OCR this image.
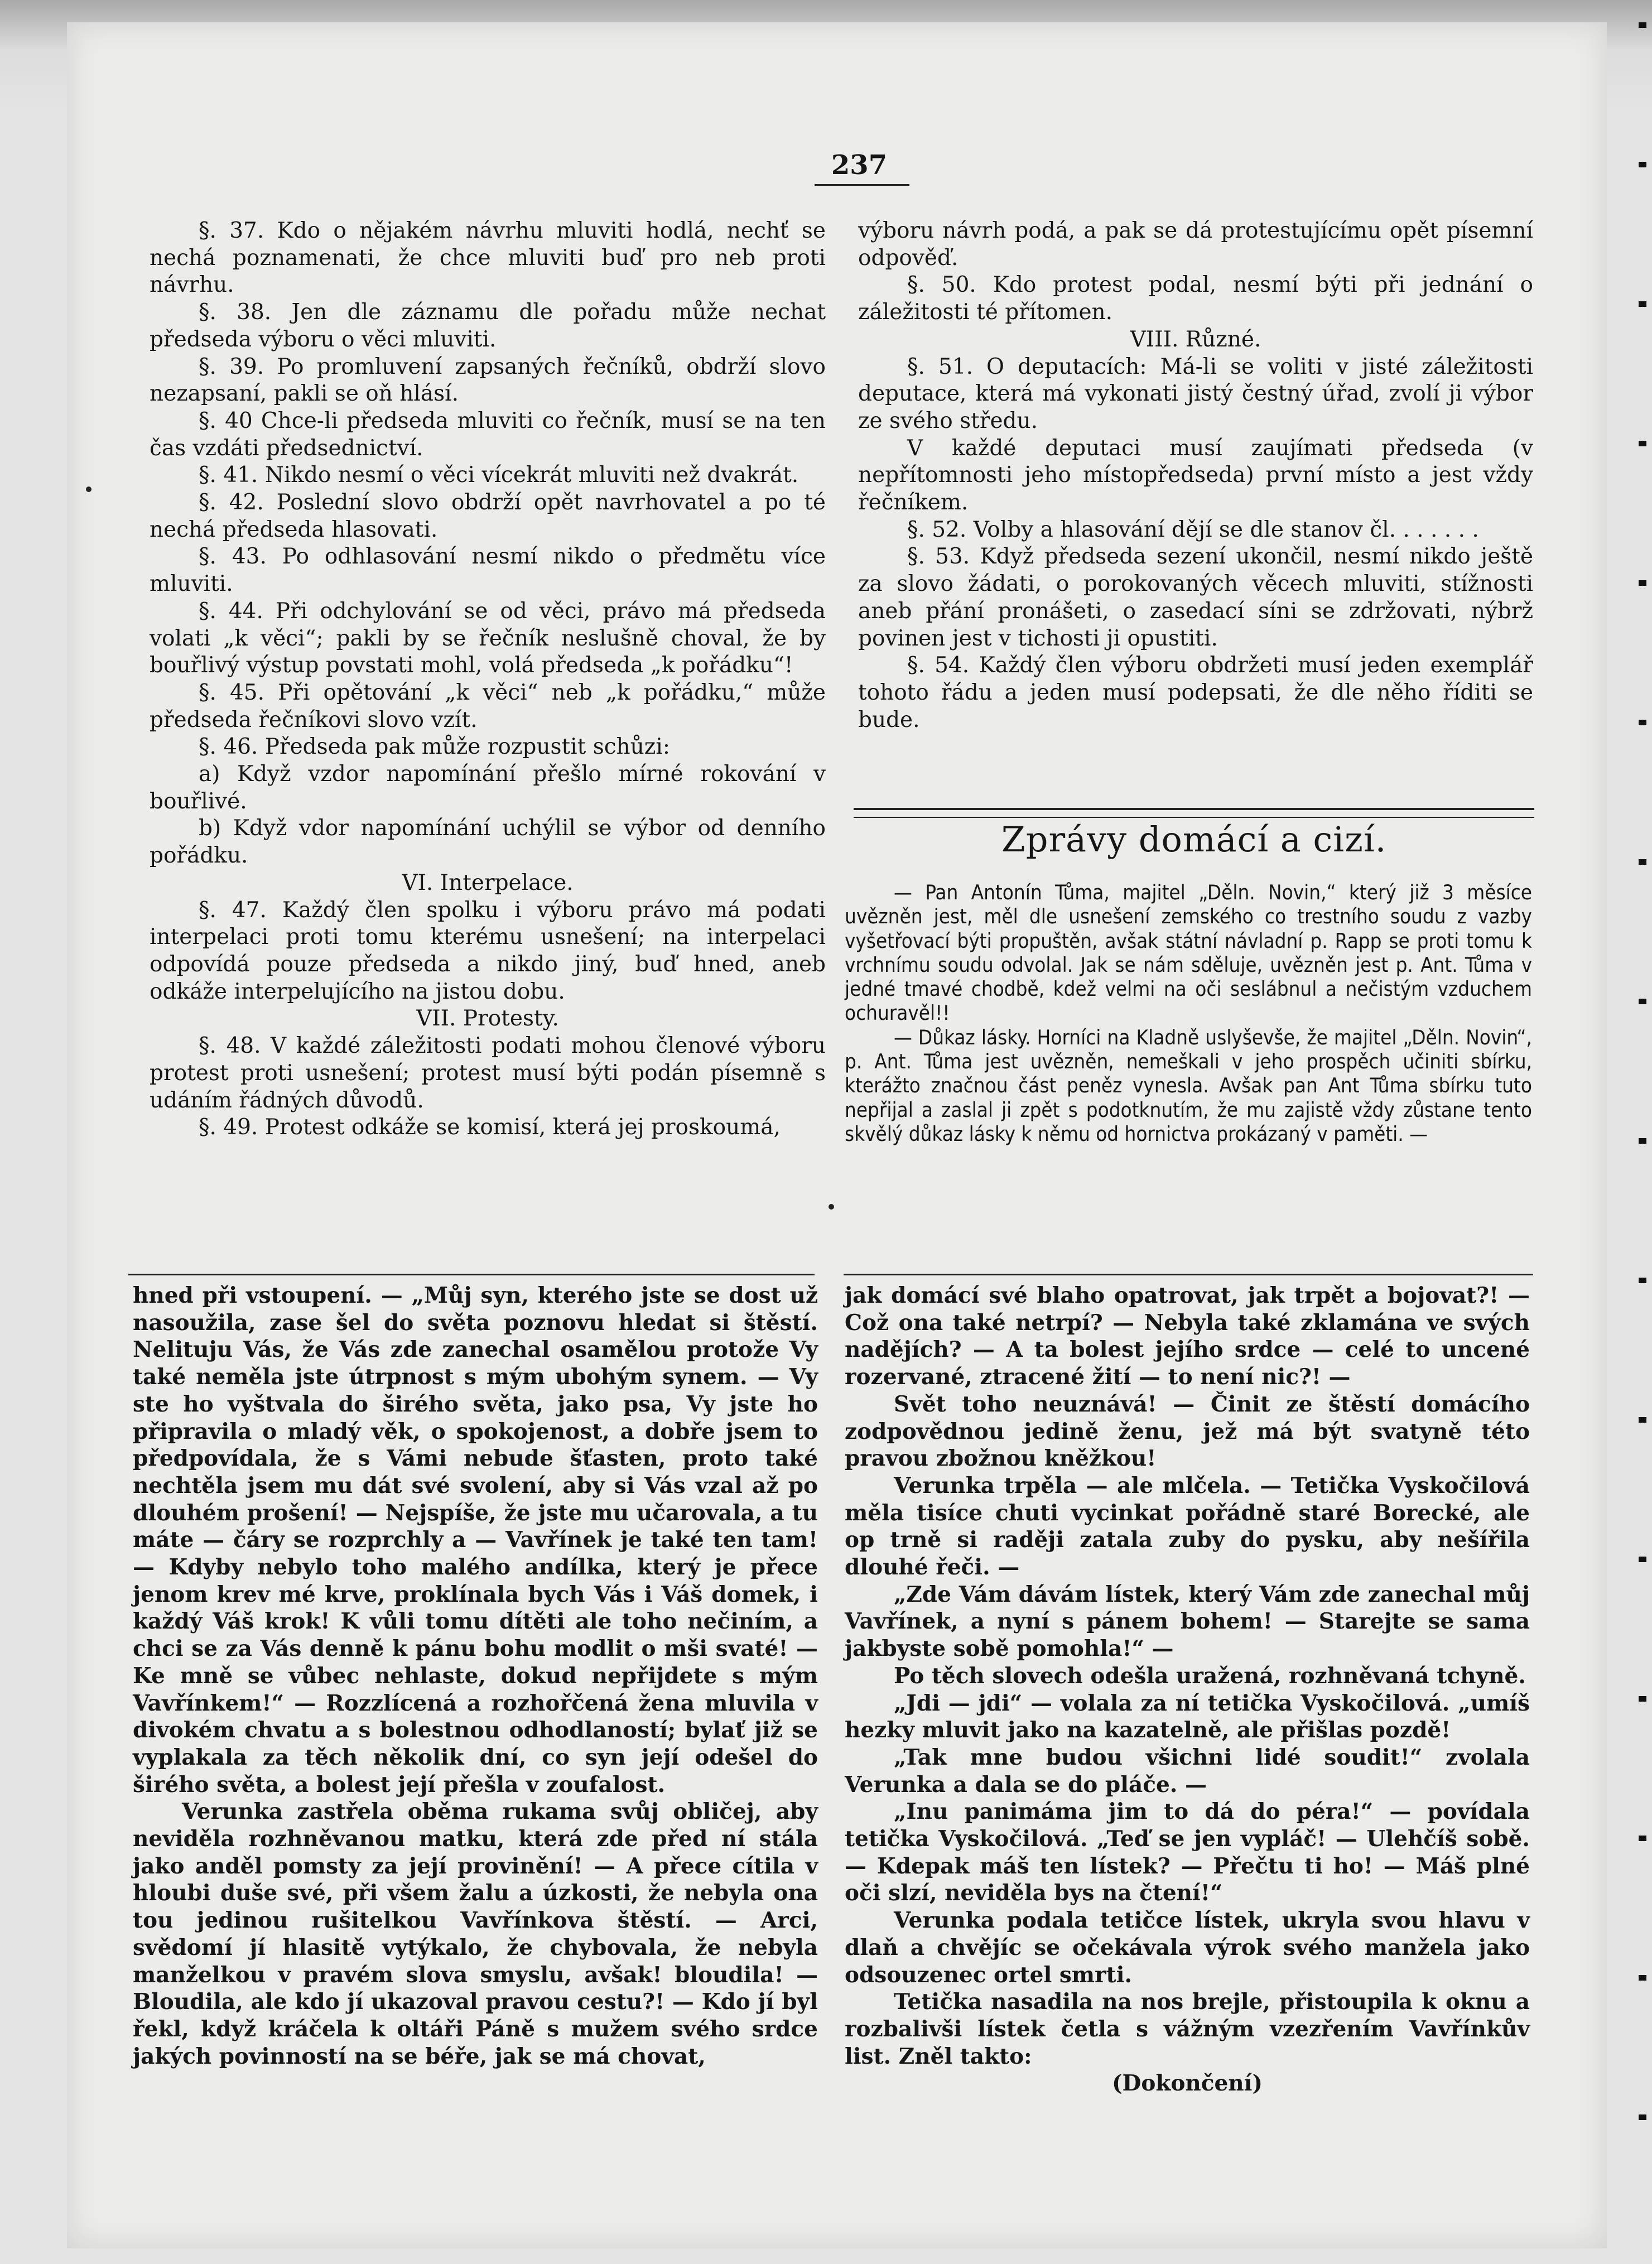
237

§. 37. Kdo o nějakém návrhu mluviti hodlá, nechť se nechá poznamenati, že chce mluviti buď pro neb proti návrhu.

§. 38. Jen dle záznamu dle pořadu může nechat předseda výboru o věci mluviti.

§. 39. Po promluvení zapsaných řečníků, obdrží slovo nezapsaní, pakli se oň hlásí.

§. 40 Chce-li předseda mluviti co řečník, musí se na ten čas vzdáti předsednictví.

§. 41. Nikdo nesmí o věci vícekrát mluviti než dvakrát.

§. 42. Poslední slovo obdrží opět navrhovatel a po té nechá předseda hlasovati.

§. 43. Po odhlasování nesmí nikdo o předmětu více mluviti.

§. 44. Při odchylování se od věci, právo má předseda volati „k věci“; pakli by se řečník neslušně choval, že by bouřlivý výstup povstati mohl, volá předseda „k pořádku“!

§. 45. Při opětování „k věci“ neb „k pořádku,“ může předseda řečníkovi slovo vzít.

§. 46. Předseda pak může rozpustit schůzi:

a) Když vzdor napomínání přešlo mírné rokování v bouřlivé.

b) Když vdor napomínání uchýlil se výbor od denního pořádku.

VI. Interpelace.

§. 47. Každý člen spolku i výboru právo má podati interpelaci proti tomu kterému usnešení; na interpelaci odpovídá pouze předseda a nikdo jiný, buď hned, aneb odkáže interpelujícího na jistou dobu.

VII. Protesty.

§. 48. V každé záležitosti podati mohou členové výboru protest proti usnešení; protest musí býti podán písemně s udáním řádných důvodů.

§. 49. Protest odkáže se komisí, která jej proskoumá,

výboru návrh podá, a pak se dá protestujícímu opět písemní odpověď.

§. 50. Kdo protest podal, nesmí býti při jednání o záležitosti té přítomen.

VIII. Různé.

§. 51. O deputacích: Má-li se voliti v jisté záležitosti deputace, která má vykonati jistý čestný úřad, zvolí ji výbor ze svého středu.

V každé deputaci musí zaujímati předseda (v nepřítomnosti jeho místopředseda) první místo a jest vždy řečníkem.

§. 52. Volby a hlasování dějí se dle stanov čl. . . . . . .

§. 53. Když předseda sezení ukončil, nesmí nikdo ještě za slovo žádati, o porokovaných věcech mluviti, stížnosti aneb přání pronášeti, o zasedací síni se zdržovati, nýbrž povinen jest v tichosti ji opustiti.

§. 54. Každý člen výboru obdržeti musí jeden exemplář tohoto řádu a jeden musí podepsati, že dle něho říditi se bude.

Zprávy domácí a cizí.

— Pan Antonín Tůma, majitel „Děln. Novin,“ který již 3 měsíce uvězněn jest, měl dle usnešení zemského co trestního soudu z vazby vyšetřovací býti propuštěn, avšak státní návladní p. Rapp se proti tomu k vrchnímu soudu odvolal. Jak se nám sděluje, uvězněn jest p. Ant. Tůma v jedné tmavé chodbě, kdež velmi na oči seslábnul a nečistým vzduchem ochuravěl!!

— Důkaz lásky. Horníci na Kladně uslyševše, že majitel „Děln. Novin“, p. Ant. Tůma jest uvězněn, nemeškali v jeho prospěch učiniti sbírku, kterážto značnou část peněz vynesla. Avšak pan Ant Tůma sbírku tuto nepřijal a zaslal ji zpět s podotknutím, že mu zajistě vždy zůstane tento skvělý důkaz lásky k němu od hornictva prokázaný v paměti. —

hned při vstoupení. — „Můj syn, kterého jste se dost už nasoužila, zase šel do světa poznovu hledat si štěstí. Nelituju Vás, že Vás zde zanechal osamělou protože Vy také neměla jste útrpnost s mým ubohým synem. — Vy ste ho vyštvala do širého světa, jako psa, Vy jste ho připravila o mladý věk, o spokojenost, a dobře jsem to předpovídala, že s Vámi nebude šťasten, proto také nechtěla jsem mu dát své svolení, aby si Vás vzal až po dlouhém prošení! — Nejspíše, že jste mu učarovala, a tu máte — čáry se rozprchly a — Vavřínek je také ten tam! — Kdyby nebylo toho malého andílka, který je přece jenom krev mé krve, proklínala bych Vás i Váš domek, i každý Váš krok! K vůli tomu dítěti ale toho nečiním, a chci se za Vás denně k pánu bohu modlit o mši svaté! — Ke mně se vůbec nehlaste, dokud nepřijdete s mým Vavřínkem!“ — Rozzlícená a rozhořčená žena mluvila v divokém chvatu a s bolestnou odhodlaností; bylať již se vyplakala za těch několik dní, co syn její odešel do širého světa, a bolest její přešla v zoufalost.

Verunka zastřela oběma rukama svůj obličej, aby neviděla rozhněvanou matku, která zde před ní stála jako anděl pomsty za její provinění! — A přece cítila v hloubi duše své, při všem žalu a úzkosti, že nebyla ona tou jedinou rušitelkou Vavřínkova štěstí. — Arci, svědomí jí hlasitě vytýkalo, že chybovala, že nebyla manželkou v pravém slova smyslu, avšak! bloudila! — Bloudila, ale kdo jí ukazoval pravou cestu?! — Kdo jí byl řekl, když kráčela k oltáři Páně s mužem svého srdce jakých povinností na se béře, jak se má chovat,

jak domácí své blaho opatrovat, jak trpět a bojovat?! — Což ona také netrpí? — Nebyla také zklamána ve svých nadějích? — A ta bolest jejího srdce — celé to uncené rozervané, ztracené žití — to není nic?! —

Svět toho neuznává! — Činit ze štěstí domácího zodpovědnou jedině ženu, jež má být svatyně této pravou zbožnou kněžkou!

Verunka trpěla — ale mlčela. — Tetička Vyskočilová měla tisíce chuti vycinkat pořádně staré Borecké, ale op trně si raději zatala zuby do pysku, aby nešířila dlouhé řeči. —

„Zde Vám dávám lístek, který Vám zde zanechal můj Vavřínek, a nyní s pánem bohem! — Starejte se sama jakbyste sobě pomohla!“ —

Po těch slovech odešla uražená, rozhněvaná tchyně.

„Jdi — jdi“ — volala za ní tetička Vyskočilová. „umíš hezky mluvit jako na kazatelně, ale přišlas pozdě!

„Tak mne budou všichni lidé soudit!“ zvolala Verunka a dala se do pláče. —

„Inu panimáma jim to dá do péra!“ — povídala tetička Vyskočilová. „Teď se jen vypláč! — Ulehčíš sobě. — Kdepak máš ten lístek? — Přečtu ti ho! — Máš plné oči slzí, neviděla bys na čtení!“

Verunka podala tetičce lístek, ukryla svou hlavu v dlaň a chvějíc se očekávala výrok svého manžela jako odsouzenec ortel smrti.

Tetička nasadila na nos brejle, přistoupila k oknu a rozbalivši lístek četla s vážným vzezřením Vavřínkův list. Zněl takto:

(Dokončení)
